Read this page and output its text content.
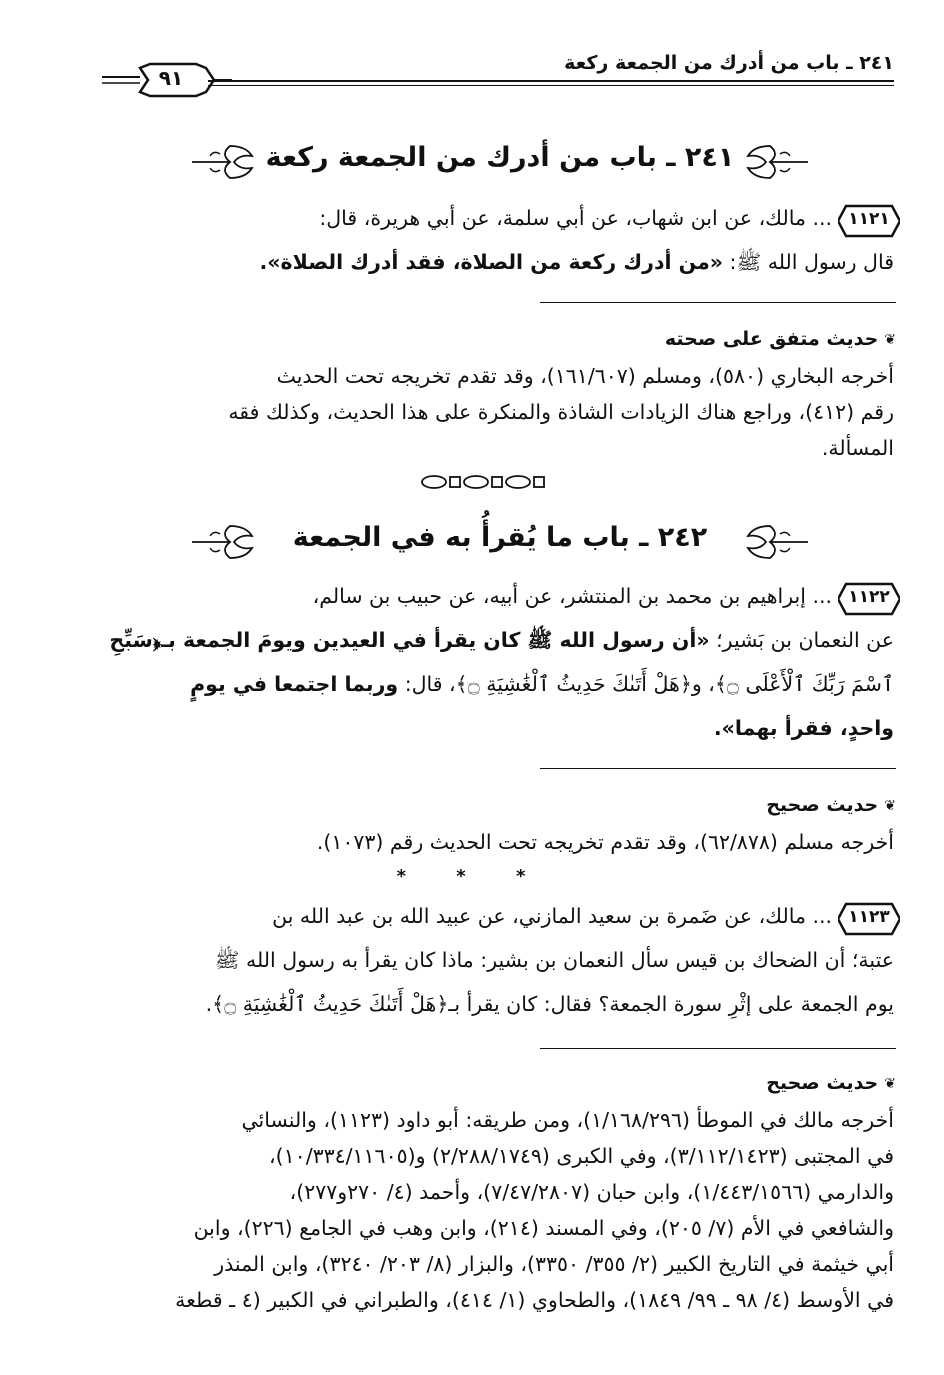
٢٤١ ـ باب من أدرك من الجمعة ركعة
٩١
٢٤١ ـ باب من أدرك من الجمعة ركعة
١١٢١
... مالك، عن ابن شهاب، عن أبي سلمة، عن أبي هريرة، قال:
قال رسول الله ﷺ: «من أدرك ركعة من الصلاة، فقد أدرك الصلاة».
❦حديث متفق على صحته
أخرجه البخاري (٥٨٠)، ومسلم (١٦١/٦٠٧)، وقد تقدم تخريجه تحت الحديث
رقم (٤١٢)، وراجع هناك الزيادات الشاذة والمنكرة على هذا الحديث، وكذلك فقه
المسألة.
٢٤٢ ـ باب ما يُقرأُ به في الجمعة
١١٢٢
... إبراهيم بن محمد بن المنتشر، عن أبيه، عن حبيب بن سالم،
عن النعمان بن بَشير؛ «أن رسول الله ﷺ كان يقرأ في العيدين ويومَ الجمعة بـ﴿سَبِّحِ
ٱسْمَ رَبِّكَ ٱلْأَعْلَى ۝﴾، و﴿هَلْ أَتَىٰكَ حَدِيثُ ٱلْغَٰشِيَةِ ۝﴾، قال: وربما اجتمعا في يومٍ
واحدٍ، فقرأ بهما».
❦حديث صحيح
أخرجه مسلم (٦٢/٨٧٨)، وقد تقدم تخريجه تحت الحديث رقم (١٠٧٣).
* * *
١١٢٣
... مالك، عن ضَمرة بن سعيد المازني، عن عبيد الله بن عبد الله بن
عتبة؛ أن الضحاك بن قيس سأل النعمان بن بشير: ماذا كان يقرأ به رسول الله ﷺ
يوم الجمعة على إثْرِ سورة الجمعة؟ فقال: كان يقرأ بـ﴿هَلْ أَتَىٰكَ حَدِيثُ ٱلْغَٰشِيَةِ ۝﴾.
❦حديث صحيح
أخرجه مالك في الموطأ (١/١٦٨/٢٩٦)، ومن طريقه: أبو داود (١١٢٣)، والنسائي
في المجتبى (٣/١١٢/١٤٢٣)، وفي الكبرى (٢/٢٨٨/١٧٤٩) و(١٠/٣٣٤/١١٦٠٥)،
والدارمي (١/٤٤٣/١٥٦٦)، وابن حبان (٧/٤٧/٢٨٠٧)، وأحمد (٤/ ٢٧٠و٢٧٧)،
والشافعي في الأم (٧/ ٢٠٥)، وفي المسند (٢١٤)، وابن وهب في الجامع (٢٢٦)، وابن
أبي خيثمة في التاريخ الكبير (٢/ ٣٥٥/ ٣٣٥٠)، والبزار (٨/ ٢٠٣/ ٣٢٤٠)، وابن المنذر
في الأوسط (٤/ ٩٨ ـ ٩٩/ ١٨٤٩)، والطحاوي (١/ ٤١٤)، والطبراني في الكبير (٤ ـ قطعة
